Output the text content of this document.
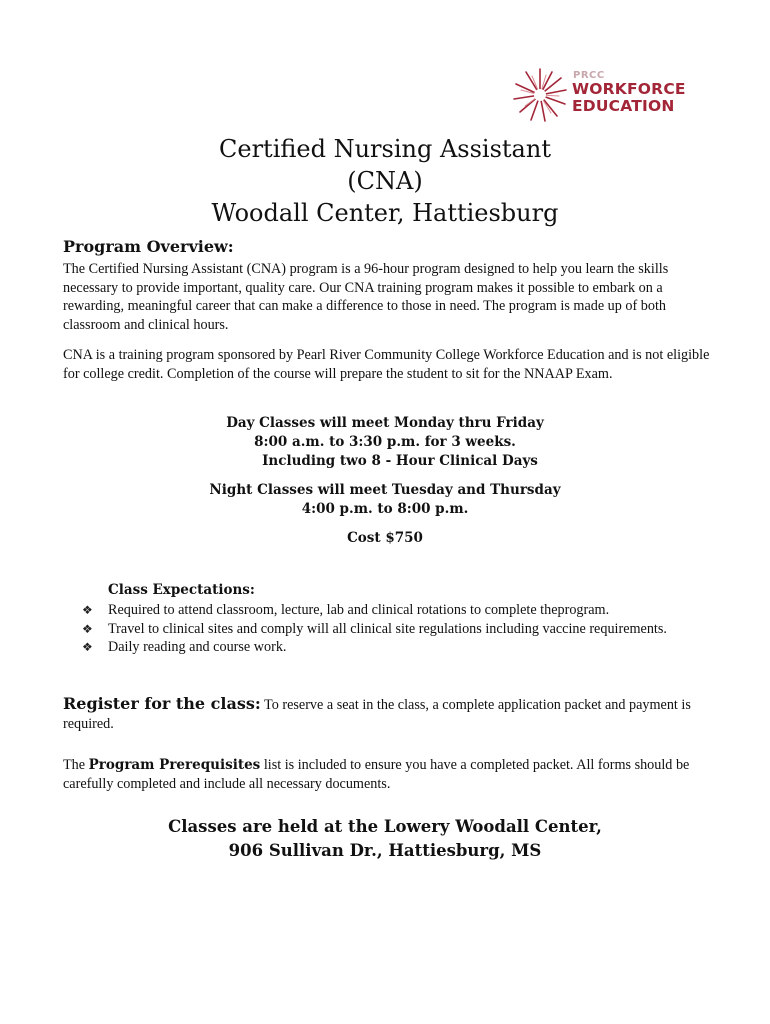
PRCC
WORKFORCE
EDUCATION
Certified Nursing Assistant
(CNA)
Woodall Center, Hattiesburg
Program Overview:
The Certified Nursing Assistant (CNA) program is a 96-hour program designed to help you learn the skills necessary to provide important, quality care. Our CNA training program makes it possible to embark on a rewarding, meaningful career that can make a difference to those in need. The program is made up of both classroom and clinical hours.
CNA is a training program sponsored by Pearl River Community College Workforce Education and is not eligible for college credit. Completion of the course will prepare the student to sit for the NNAAP Exam.
Day Classes will meet Monday thru Friday
8:00 a.m. to 3:30 p.m. for 3 weeks.
Including two 8 - Hour Clinical Days
Night Classes will meet Tuesday and Thursday
4:00 p.m. to 8:00 p.m.
Cost $750
Class Expectations:
❖ Required to attend classroom, lecture, lab and clinical rotations to complete theprogram.
❖ Travel to clinical sites and comply will all clinical site regulations including vaccine requirements.
❖ Daily reading and course work.
Register for the class: To reserve a seat in the class, a complete application packet and payment is required.
The Program Prerequisites list is included to ensure you have a completed packet. All forms should be carefully completed and include all necessary documents.
Classes are held at the Lowery Woodall Center,
906 Sullivan Dr., Hattiesburg, MS
